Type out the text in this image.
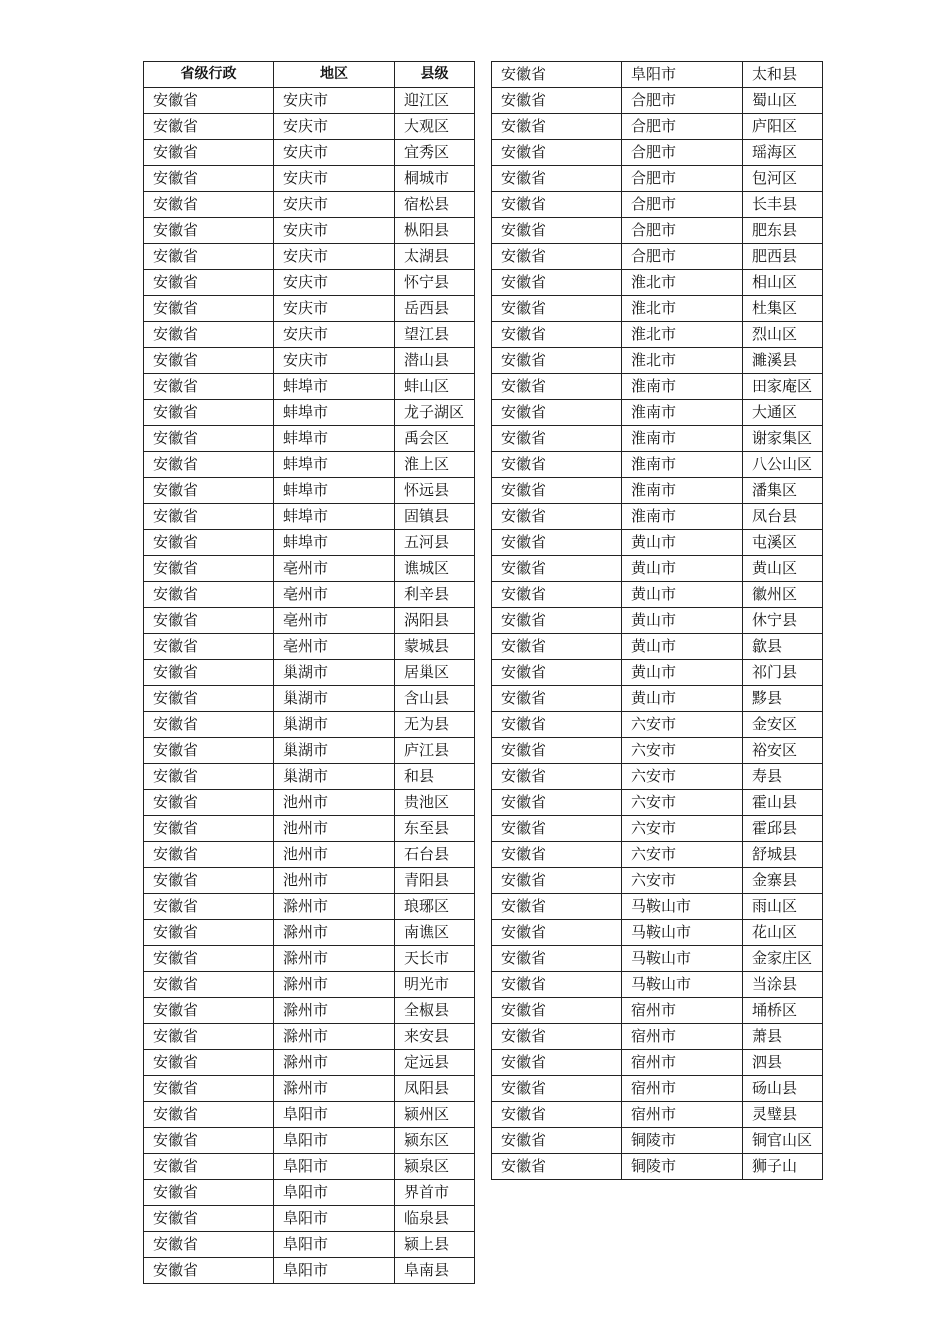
省级行政	地区	县级
安徽省	安庆市	迎江区
安徽省	安庆市	大观区
安徽省	安庆市	宜秀区
安徽省	安庆市	桐城市
安徽省	安庆市	宿松县
安徽省	安庆市	枞阳县
安徽省	安庆市	太湖县
安徽省	安庆市	怀宁县
安徽省	安庆市	岳西县
安徽省	安庆市	望江县
安徽省	安庆市	潜山县
安徽省	蚌埠市	蚌山区
安徽省	蚌埠市	龙子湖区
安徽省	蚌埠市	禹会区
安徽省	蚌埠市	淮上区
安徽省	蚌埠市	怀远县
安徽省	蚌埠市	固镇县
安徽省	蚌埠市	五河县
安徽省	亳州市	谯城区
安徽省	亳州市	利辛县
安徽省	亳州市	涡阳县
安徽省	亳州市	蒙城县
安徽省	巢湖市	居巢区
安徽省	巢湖市	含山县
安徽省	巢湖市	无为县
安徽省	巢湖市	庐江县
安徽省	巢湖市	和县
安徽省	池州市	贵池区
安徽省	池州市	东至县
安徽省	池州市	石台县
安徽省	池州市	青阳县
安徽省	滁州市	琅琊区
安徽省	滁州市	南谯区
安徽省	滁州市	天长市
安徽省	滁州市	明光市
安徽省	滁州市	全椒县
安徽省	滁州市	来安县
安徽省	滁州市	定远县
安徽省	滁州市	凤阳县
安徽省	阜阳市	颍州区
安徽省	阜阳市	颍东区
安徽省	阜阳市	颍泉区
安徽省	阜阳市	界首市
安徽省	阜阳市	临泉县
安徽省	阜阳市	颍上县
安徽省	阜阳市	阜南县
安徽省	阜阳市	太和县
安徽省	合肥市	蜀山区
安徽省	合肥市	庐阳区
安徽省	合肥市	瑶海区
安徽省	合肥市	包河区
安徽省	合肥市	长丰县
安徽省	合肥市	肥东县
安徽省	合肥市	肥西县
安徽省	淮北市	相山区
安徽省	淮北市	杜集区
安徽省	淮北市	烈山区
安徽省	淮北市	濉溪县
安徽省	淮南市	田家庵区
安徽省	淮南市	大通区
安徽省	淮南市	谢家集区
安徽省	淮南市	八公山区
安徽省	淮南市	潘集区
安徽省	淮南市	凤台县
安徽省	黄山市	屯溪区
安徽省	黄山市	黄山区
安徽省	黄山市	徽州区
安徽省	黄山市	休宁县
安徽省	黄山市	歙县
安徽省	黄山市	祁门县
安徽省	黄山市	黟县
安徽省	六安市	金安区
安徽省	六安市	裕安区
安徽省	六安市	寿县
安徽省	六安市	霍山县
安徽省	六安市	霍邱县
安徽省	六安市	舒城县
安徽省	六安市	金寨县
安徽省	马鞍山市	雨山区
安徽省	马鞍山市	花山区
安徽省	马鞍山市	金家庄区
安徽省	马鞍山市	当涂县
安徽省	宿州市	埇桥区
安徽省	宿州市	萧县
安徽省	宿州市	泗县
安徽省	宿州市	砀山县
安徽省	宿州市	灵璧县
安徽省	铜陵市	铜官山区
安徽省	铜陵市	狮子山
